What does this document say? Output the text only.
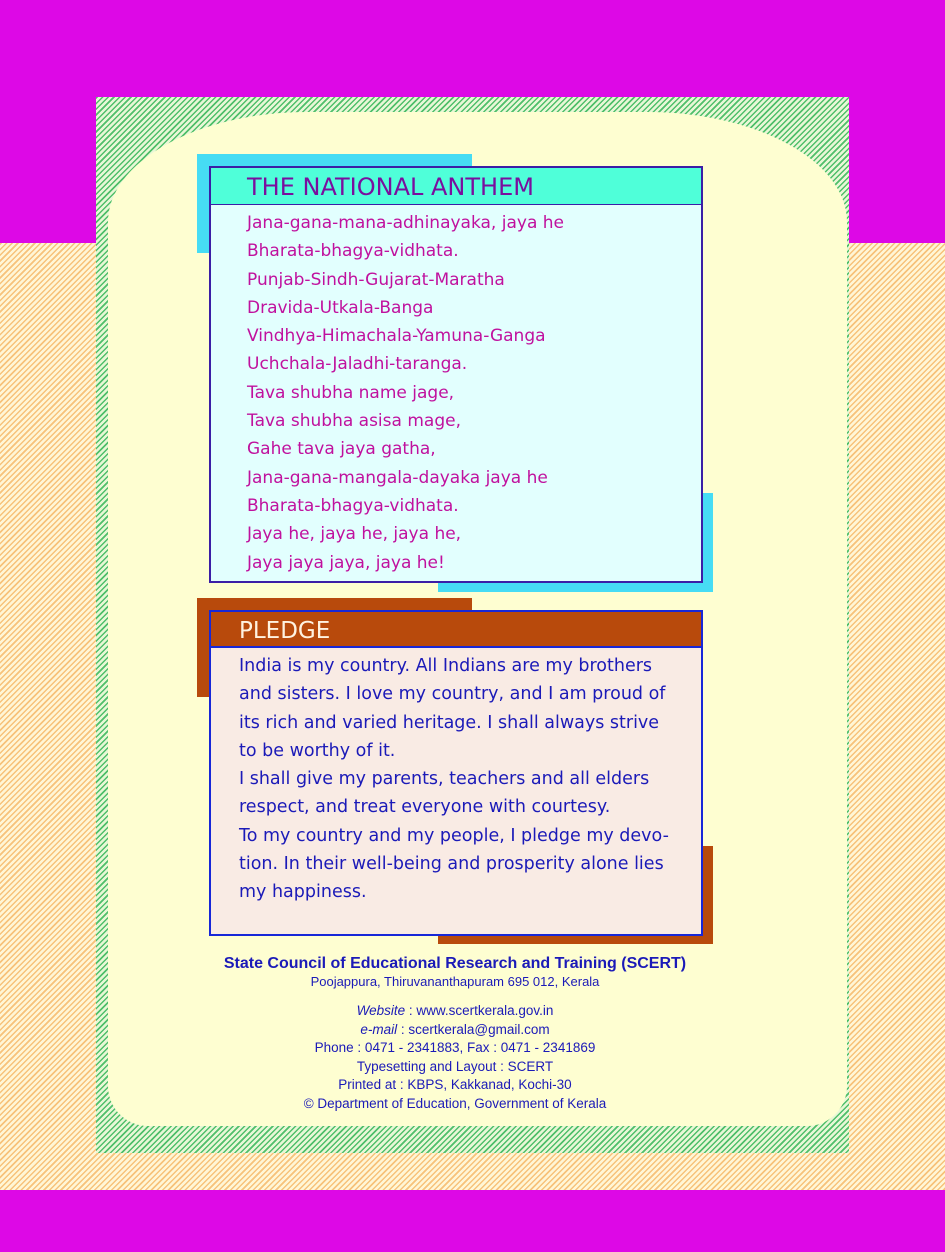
THE NATIONAL ANTHEM
Jana-gana-mana-adhinayaka, jaya he
Bharata-bhagya-vidhata.
Punjab-Sindh-Gujarat-Maratha
Dravida-Utkala-Banga
Vindhya-Himachala-Yamuna-Ganga
Uchchala-Jaladhi-taranga.
Tava shubha name jage,
Tava shubha asisa mage,
Gahe tava jaya gatha,
Jana-gana-mangala-dayaka jaya he
Bharata-bhagya-vidhata.
Jaya he, jaya he, jaya he,
Jaya jaya jaya, jaya he!
PLEDGE
India is my country. All Indians are my brothers
and sisters. I love my country, and I am proud of
its rich and varied heritage. I shall always strive
to be worthy of it.
I shall give my parents, teachers and all elders
respect, and treat everyone with courtesy.
To my country and my people, I pledge my devo-
tion. In their well-being and prosperity alone lies
my happiness.
State Council of Educational Research and Training (SCERT)
Poojappura, Thiruvananthapuram 695 012, Kerala
Website : www.scertkerala.gov.in
e-mail : scertkerala@gmail.com
Phone : 0471 - 2341883, Fax : 0471 - 2341869
Typesetting and Layout : SCERT
Printed at : KBPS, Kakkanad, Kochi-30
© Department of Education, Government of Kerala
